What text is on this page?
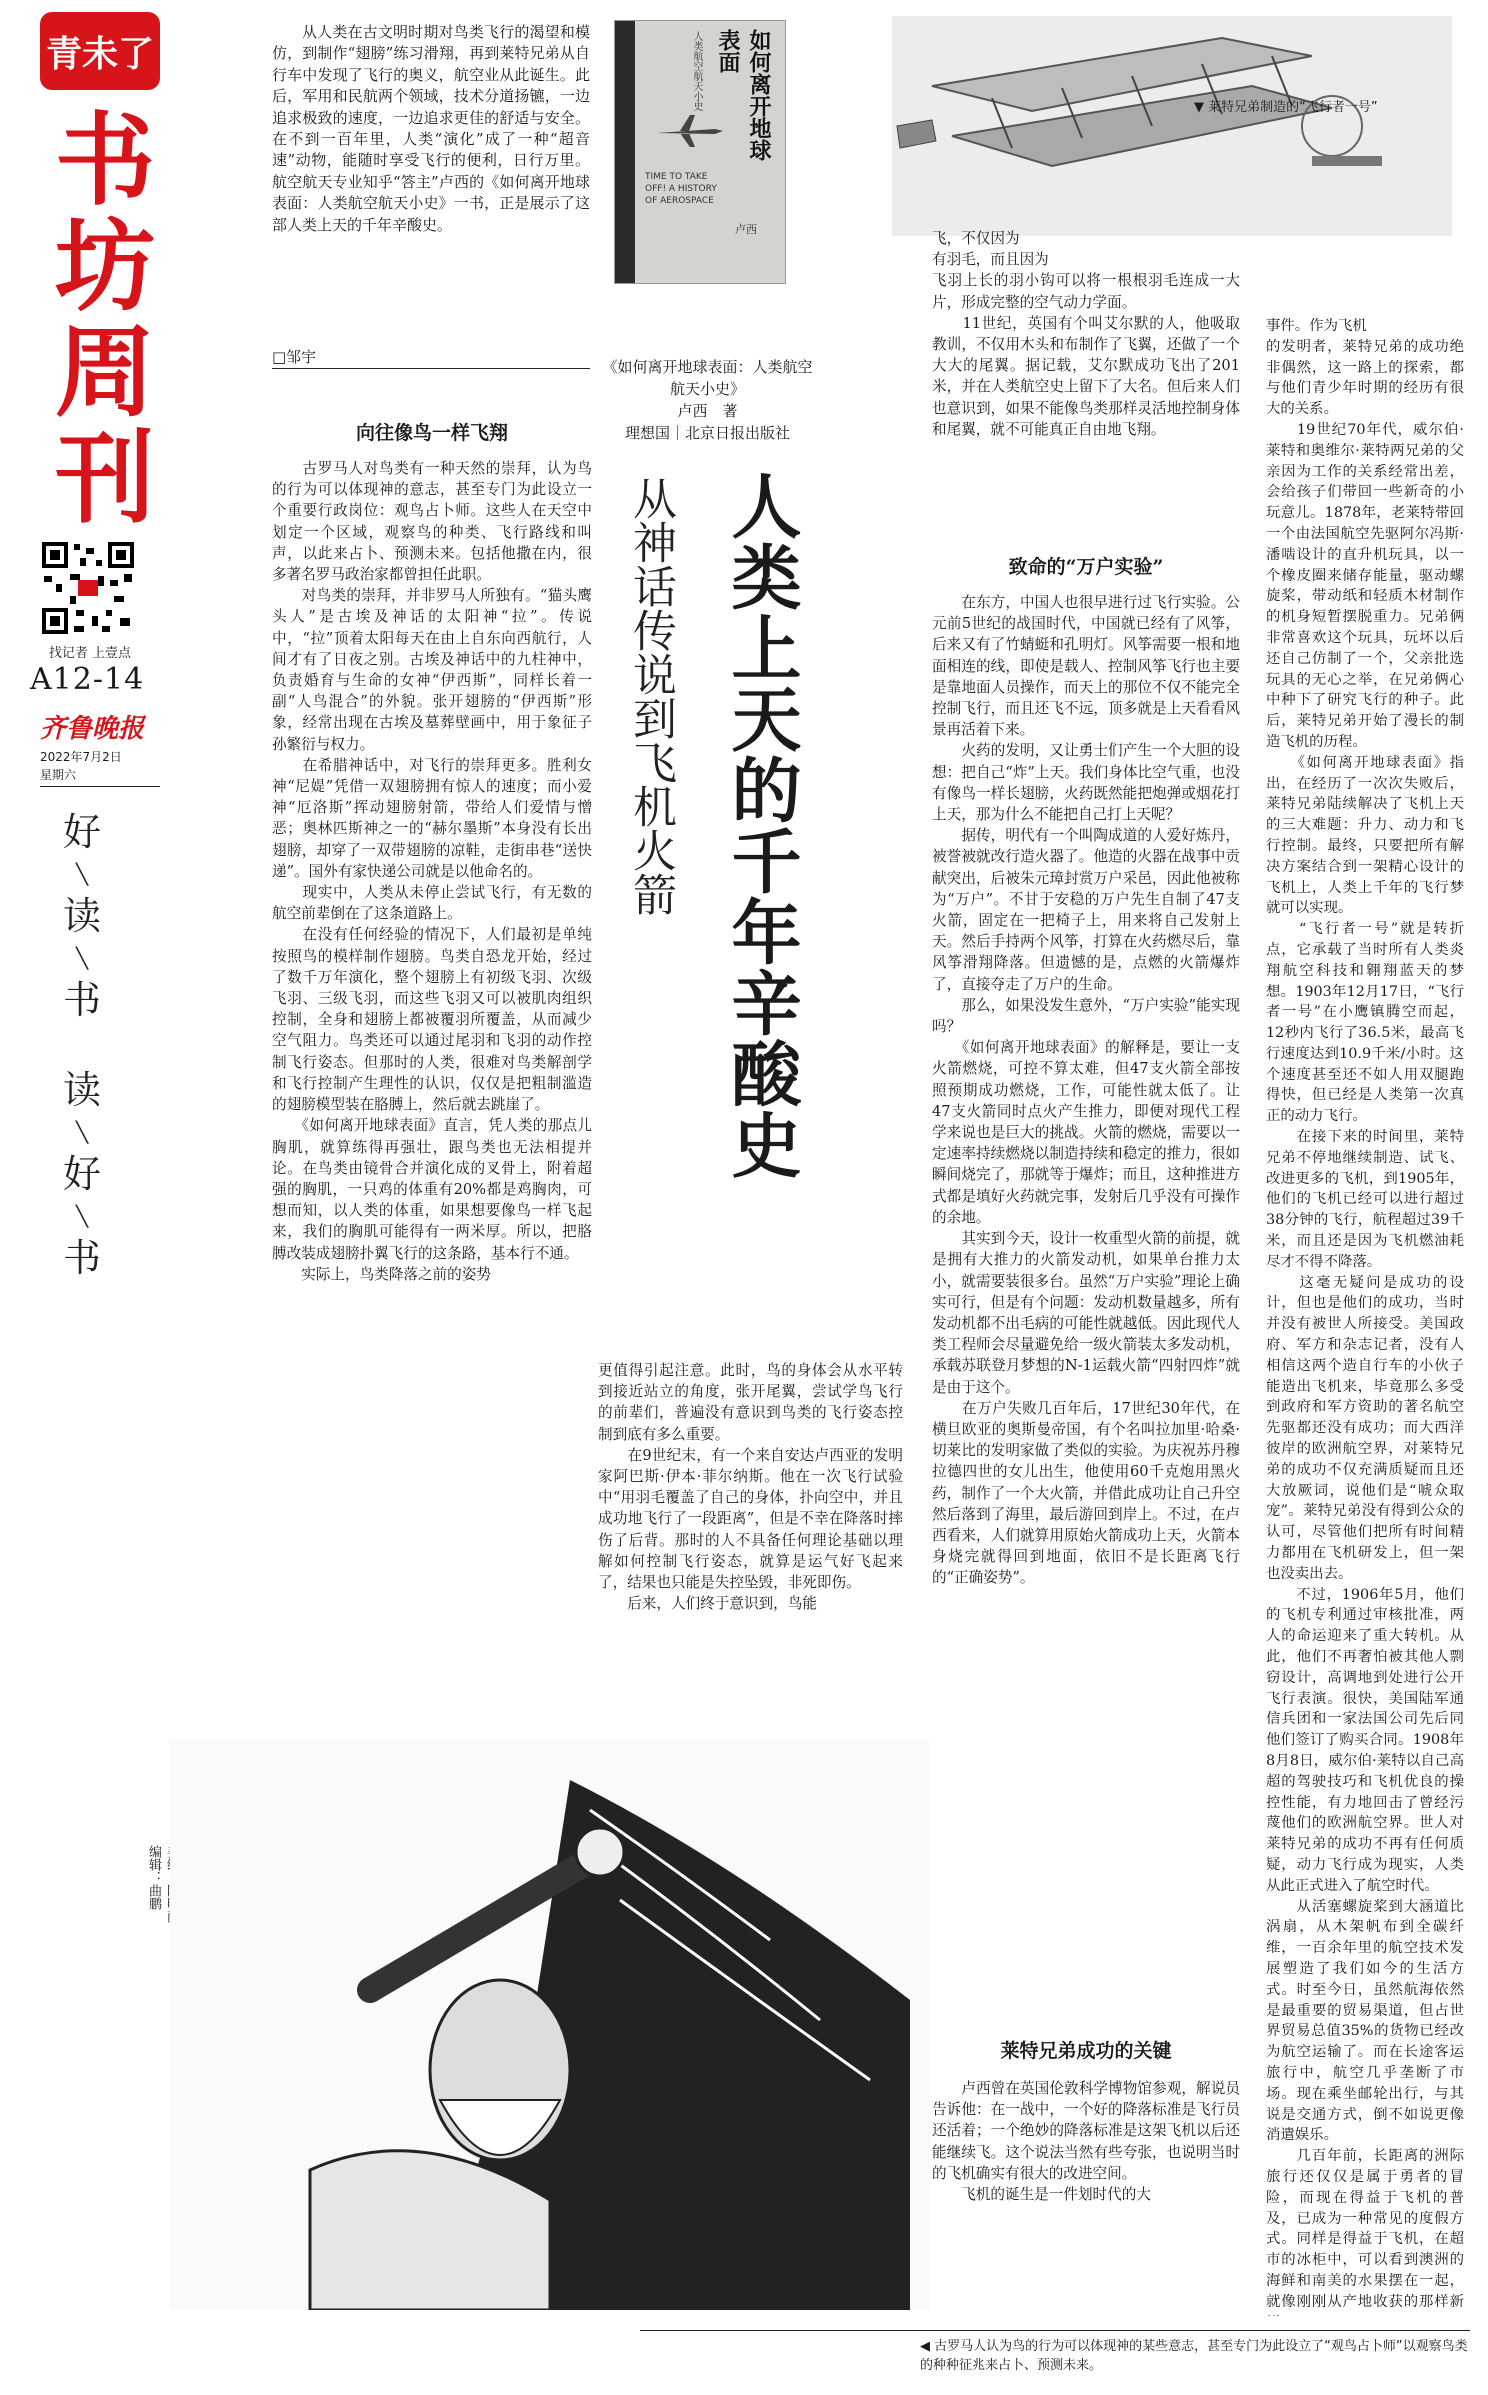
青未了
书
坊
周
刊
找记者 上壹点
A12-14
齐鲁晚报
2022年7月2日
星期六
好
╲
读
╲
书
读
╲
好
╲
书

编辑：曲鹏

从人类在古文明时期对鸟类飞行的渴望和模仿，到制作“翅膀”练习滑翔，再到莱特兄弟从自行车中发现了飞行的奥义，航空业从此诞生。此后，军用和民航两个领域，技术分道扬镳，一边追求极致的速度，一边追求更佳的舒适与安全。在不到一百年里，人类“演化”成了一种“超音速”动物，能随时享受飞行的便利，日行万里。航空航天专业知乎“答主”卢西的《如何离开地球表面：人类航空航天小史》一书，正是展示了这部人类上天的千年辛酸史。

□邹宇
如何离开地球表面
人类航空航天小史
TIME TO TAKE OFF! A HISTORY OF AEROSPACE
卢西
《如何离开地球表面：人类航空航天小史》
卢西　著
理想国｜北京日报出版社
▼ 莱特兄弟制造的“飞行者一号”
人类上天的千年辛酸史
从神话传说到飞机火箭
向往像鸟一样飞翔

　　古罗马人对鸟类有一种天然的崇拜，认为鸟的行为可以体现神的意志，甚至专门为此设立一个重要行政岗位：观鸟占卜师。这些人在天空中划定一个区域，观察鸟的种类、飞行路线和叫声，以此来占卜、预测未来。包括他撒在内，很多著名罗马政治家都曾担任此职。
　　对鸟类的崇拜，并非罗马人所独有。“猫头鹰头人”是古埃及神话的太阳神“拉”。传说中，“拉”顶着太阳每天在由上自东向西航行，人间才有了日夜之别。古埃及神话中的九柱神中，负责婚育与生命的女神“伊西斯”，同样长着一副“人鸟混合”的外貌。张开翅膀的“伊西斯”形象，经常出现在古埃及墓葬壁画中，用于象征子孙繁衍与权力。
　　在希腊神话中，对飞行的崇拜更多。胜利女神“尼媞”凭借一双翅膀拥有惊人的速度；而小爱神“厄洛斯”挥动翅膀射箭，带给人们爱情与憎恶；奥林匹斯神之一的“赫尔墨斯”本身没有长出翅膀，却穿了一双带翅膀的凉鞋，走街串巷“送快递”。国外有家快递公司就是以他命名的。
　　现实中，人类从未停止尝试飞行，有无数的航空前辈倒在了这条道路上。
　　在没有任何经验的情况下，人们最初是单纯按照鸟的模样制作翅膀。鸟类自恐龙开始，经过了数千万年演化，整个翅膀上有初级飞羽、次级飞羽、三级飞羽，而这些飞羽又可以被肌肉组织控制，全身和翅膀上都被覆羽所覆盖，从而减少空气阻力。鸟类还可以通过尾羽和飞羽的动作控制飞行姿态。但那时的人类，很难对鸟类解剖学和飞行控制产生理性的认识，仅仅是把粗制滥造的翅膀模型装在胳膊上，然后就去跳崖了。
　　《如何离开地球表面》直言，凭人类的那点儿胸肌，就算练得再强壮，跟鸟类也无法相提并论。在鸟类由镜骨合并演化成的叉骨上，附着超强的胸肌，一只鸡的体重有20%都是鸡胸肉，可想而知，以人类的体重，如果想要像鸟一样飞起来，我们的胸肌可能得有一两米厚。所以，把胳膊改装成翅膀扑翼飞行的这条路，基本行不通。
　　实际上，鸟类降落之前的姿势

更值得引起注意。此时，鸟的身体会从水平转到接近站立的角度，张开尾翼，尝试学鸟飞行的前辈们，普遍没有意识到鸟类的飞行姿态控制到底有多么重要。
　　在9世纪末，有一个来自安达卢西亚的发明家阿巴斯·伊本·菲尔纳斯。他在一次飞行试验中“用羽毛覆盖了自己的身体，扑向空中，并且成功地飞行了一段距离”，但是不幸在降落时摔伤了后背。那时的人不具备任何理论基础以理解如何控制飞行姿态，就算是运气好飞起来了，结果也只能是失控坠毁，非死即伤。
　　后来，人们终于意识到，鸟能

飞，不仅因为
有羽毛，而且因为
飞羽上长的羽小钩可以将一根根羽毛连成一大片，形成完整的空气动力学面。
　　11世纪，英国有个叫艾尔默的人，他吸取教训，不仅用木头和布制作了飞翼，还做了一个大大的尾翼。据记载，艾尔默成功飞出了201米，并在人类航空史上留下了大名。但后来人们也意识到，如果不能像鸟类那样灵活地控制身体和尾翼，就不可能真正自由地飞翔。

致命的“万户实验”

　　在东方，中国人也很早进行过飞行实验。公元前5世纪的战国时代，中国就已经有了风筝，后来又有了竹蜻蜓和孔明灯。风筝需要一根和地面相连的线，即使是载人、控制风筝飞行也主要是靠地面人员操作，而天上的那位不仅不能完全控制飞行，而且还飞不远，顶多就是上天看看风景再活着下来。
　　火药的发明，又让勇士们产生一个大胆的设想：把自己“炸”上天。我们身体比空气重，也没有像鸟一样长翅膀，火药既然能把炮弹或烟花打上天，那为什么不能把自己打上天呢？
　　据传，明代有一个叫陶成道的人爱好炼丹，被誉被就改行造火器了。他造的火器在战事中贡献突出，后被朱元璋封赏万户采邑，因此他被称为“万户”。不甘于安稳的万户先生自制了47支火箭，固定在一把椅子上，用来将自己发射上天。然后手持两个风筝，打算在火药燃尽后，靠风筝滑翔降落。但遗憾的是，点燃的火箭爆炸了，直接夺走了万户的生命。
　　那么，如果没发生意外，“万户实验”能实现吗？
　　《如何离开地球表面》的解释是，要让一支火箭燃烧，可控不算太难，但47支火箭全部按照预期成功燃烧，工作，可能性就太低了。让47支火箭同时点火产生推力，即便对现代工程学来说也是巨大的挑战。火箭的燃烧，需要以一定速率持续燃烧以制造持续和稳定的推力，很如瞬间烧完了，那就等于爆炸；而且，这种推进方式都是填好火药就完事，发射后几乎没有可操作的余地。
　　其实到今天，设计一枚重型火箭的前提，就是拥有大推力的火箭发动机，如果单台推力太小，就需要装很多台。虽然“万户实验”理论上确实可行，但是有个问题：发动机数量越多，所有发动机都不出毛病的可能性就越低。因此现代人类工程师会尽量避免给一级火箭装太多发动机，承载苏联登月梦想的N-1运载火箭“四射四炸”就是由于这个。
　　在万户失败几百年后，17世纪30年代，在横旦欧亚的奥斯曼帝国，有个名叫拉加里·哈桑·切莱比的发明家做了类似的实验。为庆祝苏丹穆拉德四世的女儿出生，他使用60千克炮用黑火药，制作了一个大火箭，并借此成功让自己升空然后落到了海里，最后游回到岸上。不过，在卢西看来，人们就算用原始火箭成功上天，火箭本身烧完就得回到地面，依旧不是长距离飞行的“正确姿势”。

莱特兄弟成功的关键

　　卢西曾在英国伦敦科学博物馆参观，解说员告诉他：在一战中，一个好的降落标准是飞行员还活着；一个绝妙的降落标准是这架飞机以后还能继续飞。这个说法当然有些夸张，也说明当时的飞机确实有很大的改进空间。
　　飞机的诞生是一件划时代的大

事件。作为飞机
的发明者，莱特兄弟的成功绝非偶然，这一路上的探索，都与他们青少年时期的经历有很大的关系。
　　19世纪70年代，威尔伯·莱特和奥维尔·莱特两兄弟的父亲因为工作的关系经常出差，会给孩子们带回一些新奇的小玩意儿。1878年，老莱特带回一个由法国航空先驱阿尔冯斯·潘啮设计的直升机玩具，以一个橡皮圈来储存能量，驱动螺旋桨，带动纸和轻质木材制作的机身短暂摆脱重力。兄弟俩非常喜欢这个玩具，玩坏以后还自己仿制了一个，父亲批选玩具的无心之举，在兄弟俩心中种下了研究飞行的种子。此后，莱特兄弟开始了漫长的制造飞机的历程。
　　《如何离开地球表面》指出，在经历了一次次失败后，莱特兄弟陆续解决了飞机上天的三大难题：升力、动力和飞行控制。最终，只要把所有解决方案结合到一架精心设计的飞机上，人类上千年的飞行梦就可以实现。
　　“飞行者一号”就是转折点，它承载了当时所有人类炎翔航空科技和翱翔蓝天的梦想。1903年12月17日，“飞行者一号”在小鹰镇腾空而起，12秒内飞行了36.5米，最高飞行速度达到10.9千米/小时。这个速度甚至还不如人用双腿跑得快，但已经是人类第一次真正的动力飞行。
　　在接下来的时间里，莱特兄弟不停地继续制造、试飞、改进更多的飞机，到1905年，他们的飞机已经可以进行超过38分钟的飞行，航程超过39千米，而且还是因为飞机燃油耗尽才不得不降落。
　　这毫无疑问是成功的设计，但也是他们的成功，当时并没有被世人所接受。美国政府、军方和杂志记者，没有人相信这两个造自行车的小伙子能造出飞机来，毕竟那么多受到政府和军方资助的著名航空先驱都还没有成功；而大西洋彼岸的欧洲航空界，对莱特兄弟的成功不仅充满质疑而且还大放厥词，说他们是“唬众取宠”。莱特兄弟没有得到公众的认可，尽管他们把所有时间精力都用在飞机研发上，但一架也没卖出去。
　　不过，1906年5月，他们的飞机专利通过审核批准，两人的命运迎来了重大转机。从此，他们不再奢怕被其他人剽窃设计，高调地到处进行公开飞行表演。很快，美国陆军通信兵团和一家法国公司先后同他们签订了购买合同。1908年8月8日，威尔伯·莱特以自己高超的驾驶技巧和飞机优良的操控性能，有力地回击了曾经污蔑他们的欧洲航空界。世人对莱特兄弟的成功不再有任何质疑，动力飞行成为现实，人类从此正式进入了航空时代。
　　从活塞螺旋桨到大涵道比涡扇，从木架帆布到全碳纤维，一百余年里的航空技术发展塑造了我们如今的生活方式。时至今日，虽然航海依然是最重要的贸易渠道，但占世界贸易总值35%的货物已经改为航空运输了。而在长途客运旅行中，航空几乎垄断了市场。现在乘坐邮轮出行，与其说是交通方式，倒不如说更像消遣娱乐。
　　几百年前，长距离的洲际旅行还仅仅是属于勇者的冒险，而现在得益于飞机的普及，已成为一种常见的度假方式。同样是得益于飞机，在超市的冰柜中，可以看到澳洲的海鲜和南美的水果摆在一起，就像刚刚从产地收获的那样新

◀ 古罗马人认为鸟的行为可以体现神的某些意志，甚至专门为此设立了“观鸟占卜师”以观察鸟类的种种征兆来占卜、预测未来。
